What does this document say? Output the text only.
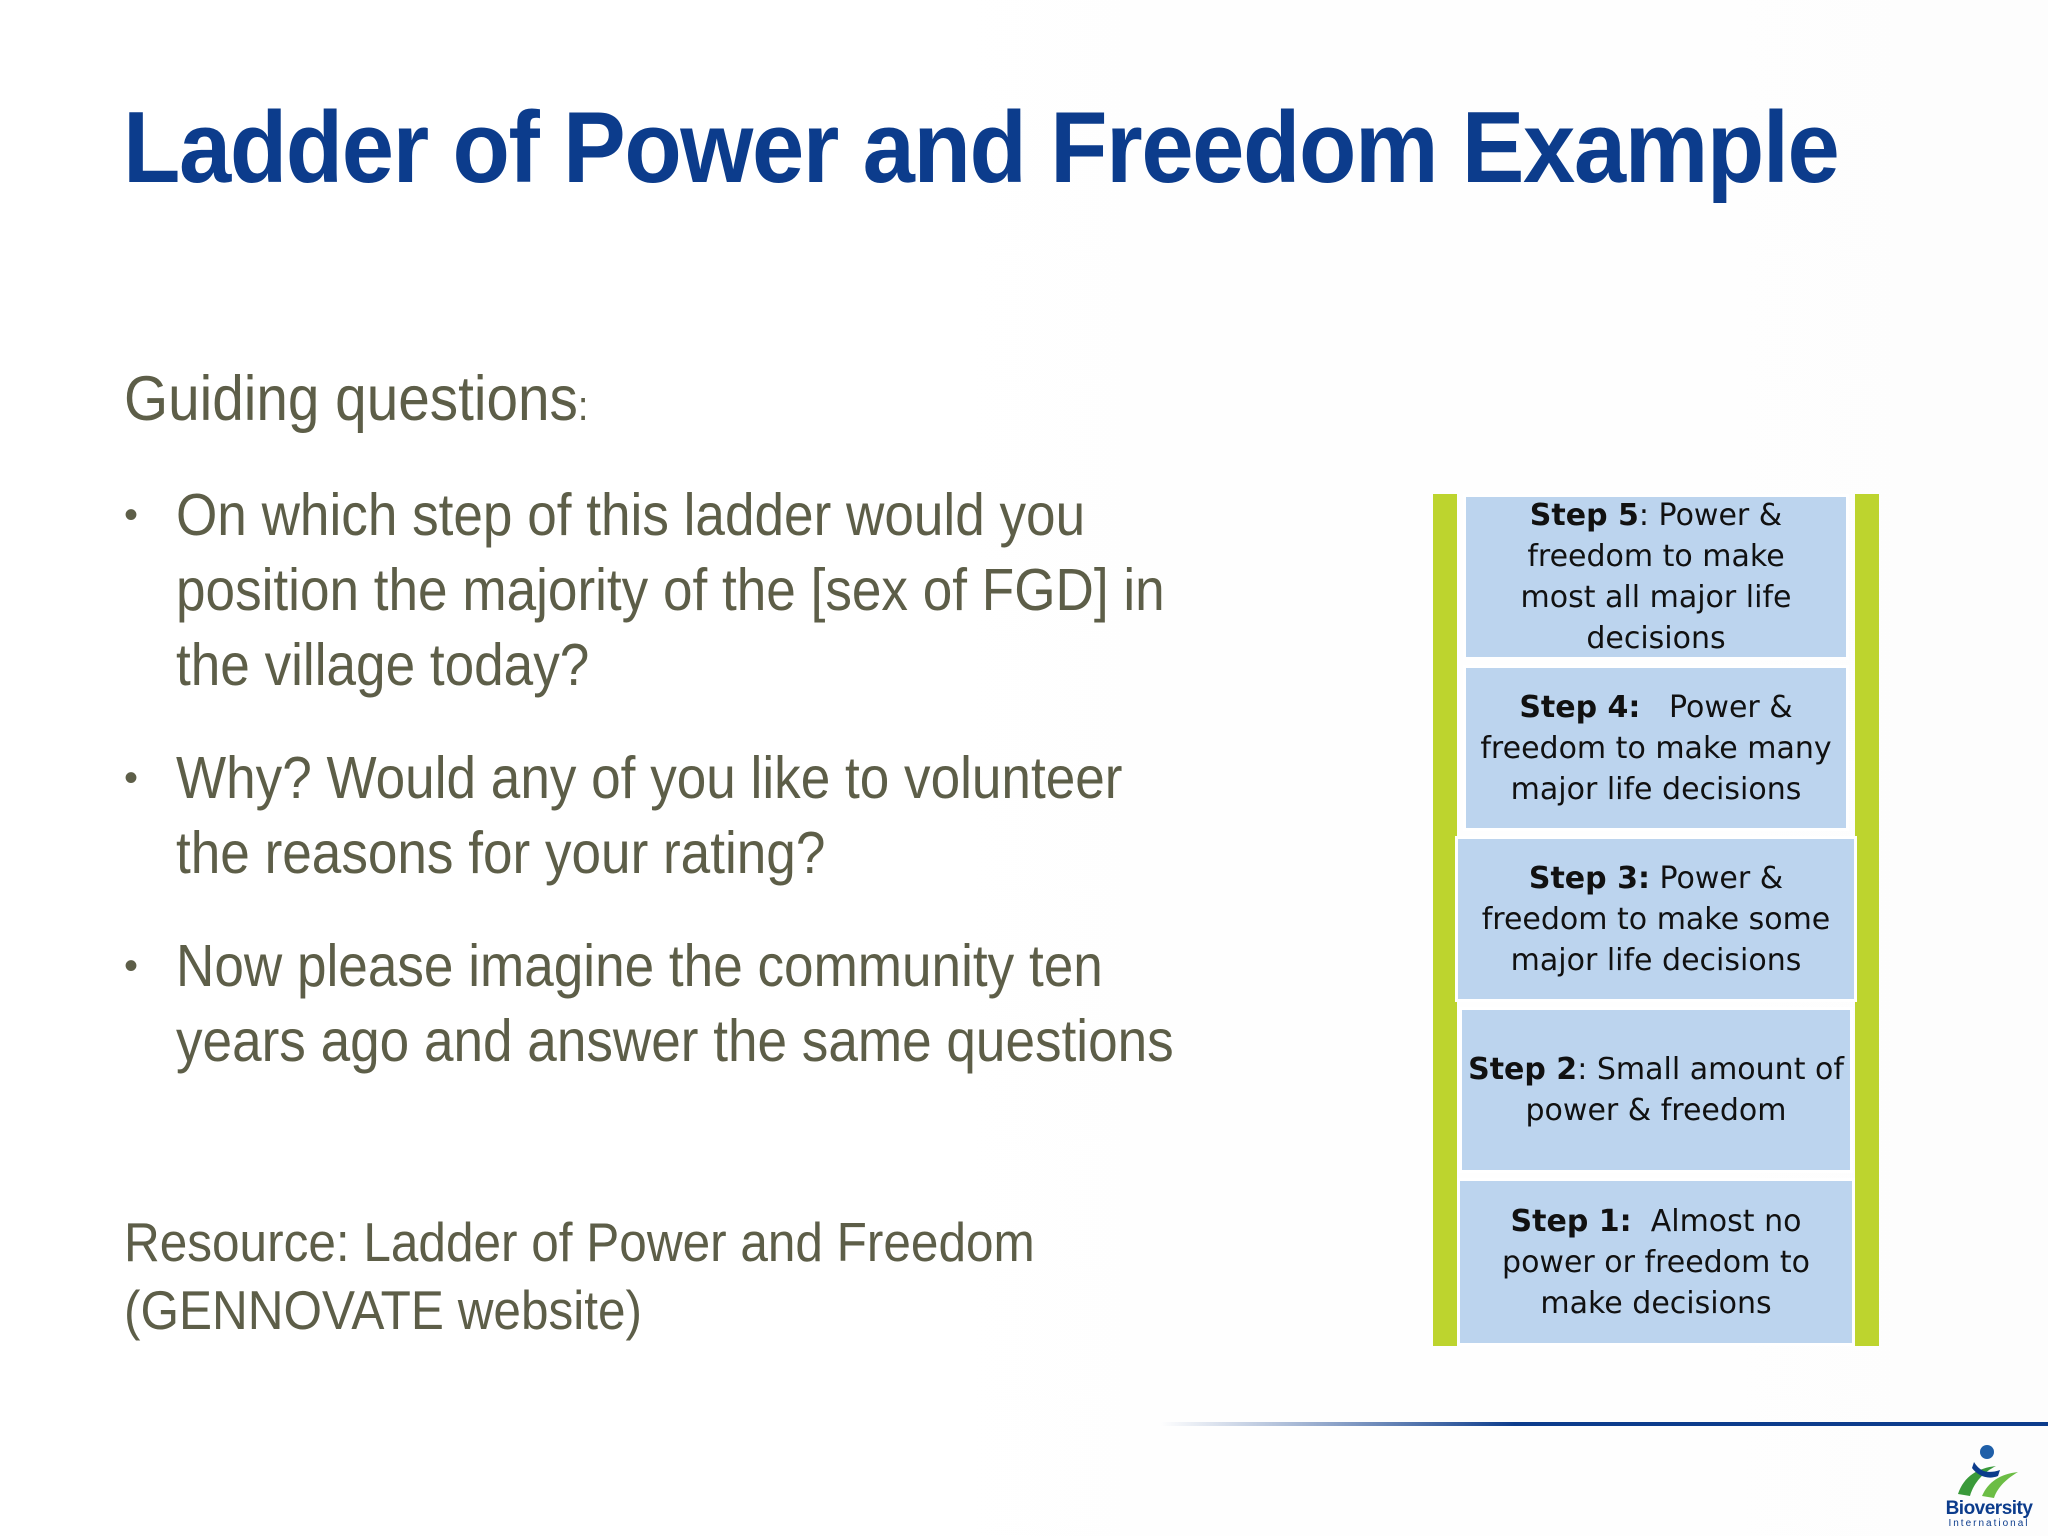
Ladder of Power and Freedom Example

Guiding questions:

• On which step of this ladder would you position the majority of the [sex of FGD] in the village today?
• Why? Would any of you like to volunteer the reasons for your rating?
• Now please imagine the community ten years ago and answer the same questions

Resource: Ladder of Power and Freedom
(GENNOVATE website)

Step 5: Power & freedom to make most all major life decisions
Step 4: Power & freedom to make many major life decisions
Step 3: Power & freedom to make some major life decisions
Step 2: Small amount of power & freedom
Step 1: Almost no power or freedom to make decisions
Bioversity
International
